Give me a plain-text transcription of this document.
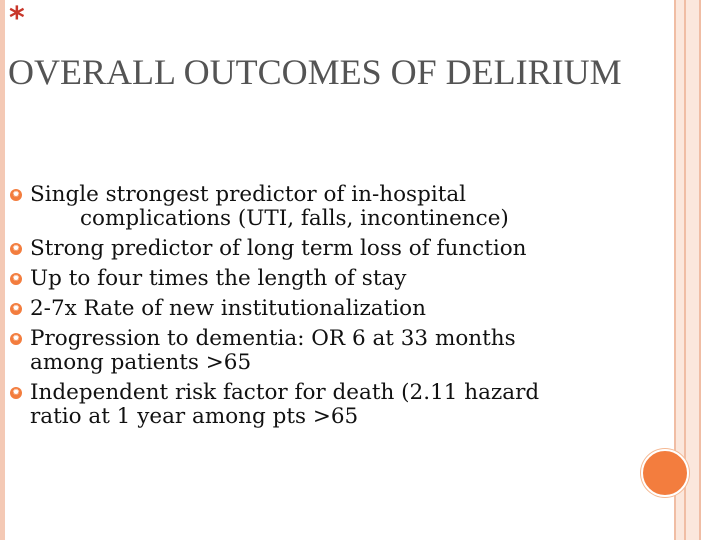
*
OVERALL OUTCOMES OF DELIRIUM
✹ Single strongest predictor of in-hospital
complications (UTI, falls, incontinence)
✹ Strong predictor of long term loss of function
✹ Up to four times the length of stay
✹ 2-7x Rate of new institutionalization
✹ Progression to dementia: OR 6 at 33 months
among patients >65
✹ Independent risk factor for death (2.11 hazard
ratio at 1 year among pts >65
